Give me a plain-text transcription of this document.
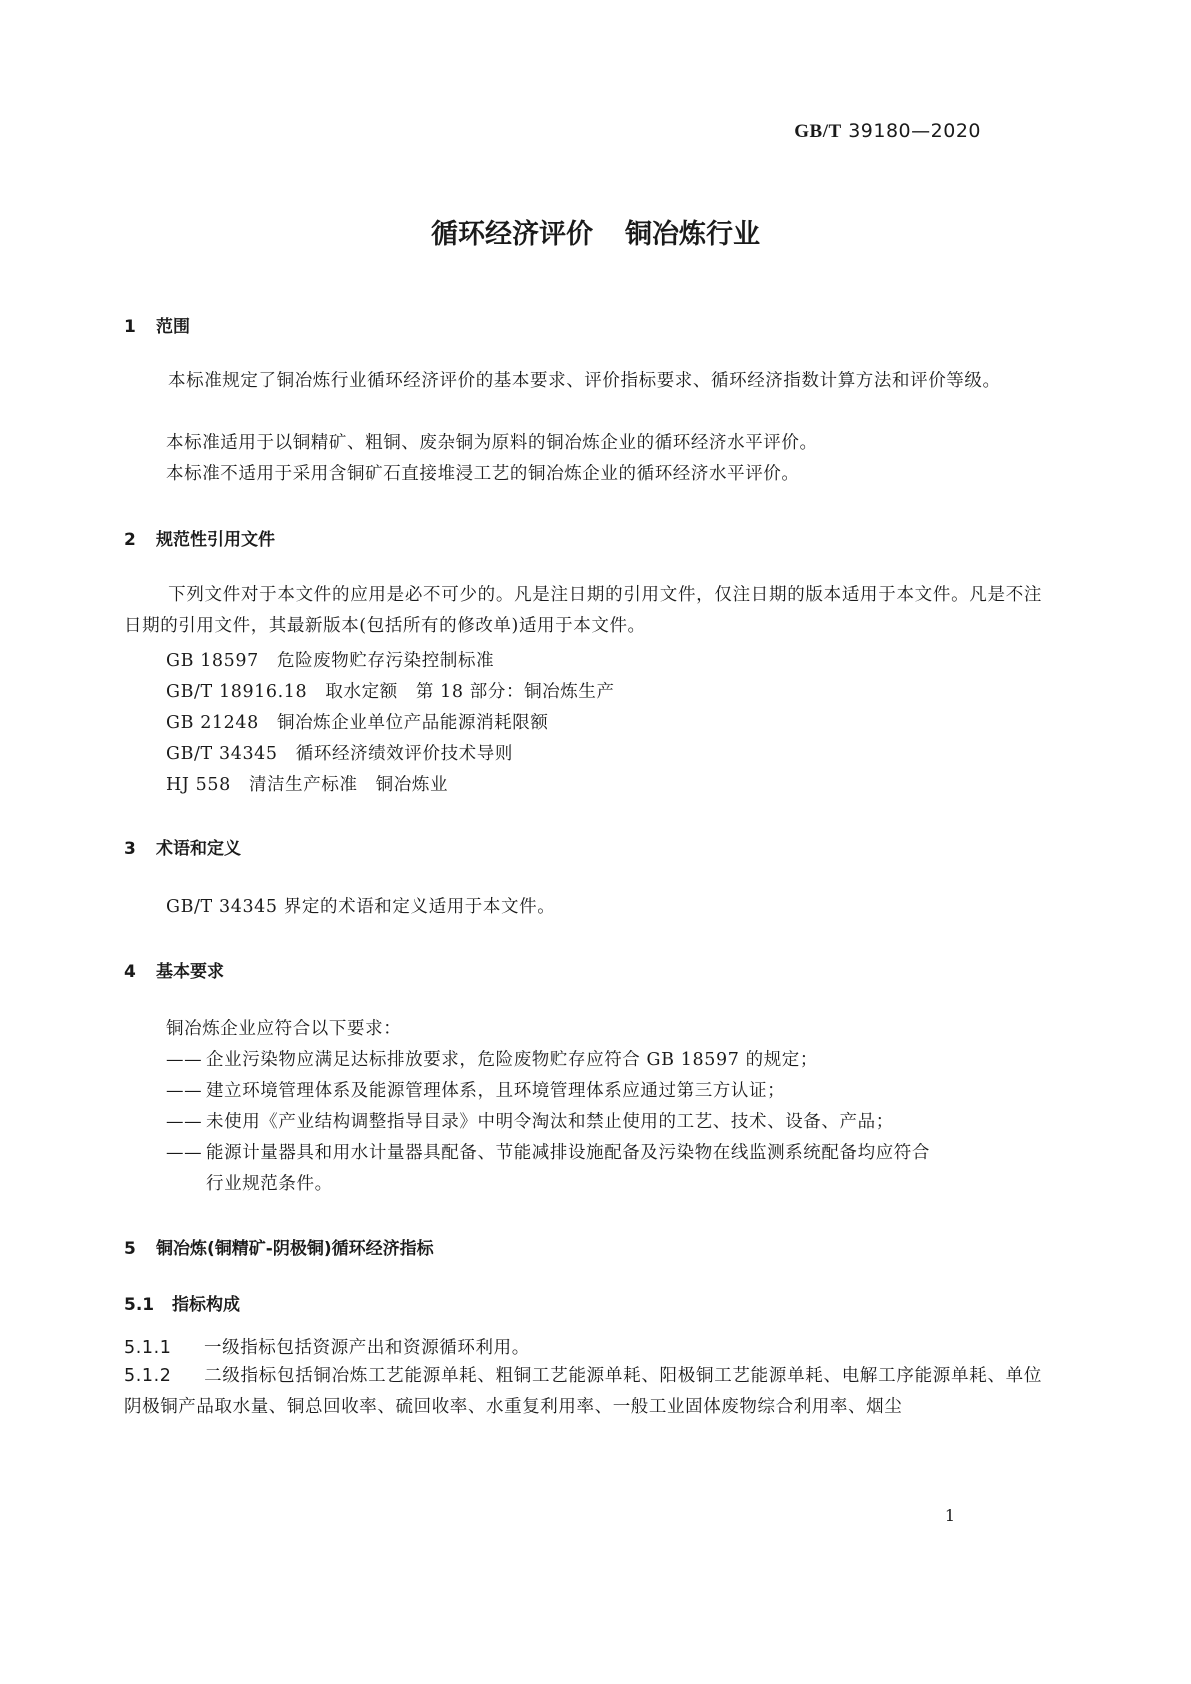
GB/T 39180—2020
循环经济评价 铜冶炼行业
1 范围
本标准规定了铜冶炼行业循环经济评价的基本要求、评价指标要求、循环经济指数计算方法和评价等级。
本标准适用于以铜精矿、粗铜、废杂铜为原料的铜冶炼企业的循环经济水平评价。
本标准不适用于采用含铜矿石直接堆浸工艺的铜冶炼企业的循环经济水平评价。
2 规范性引用文件
下列文件对于本文件的应用是必不可少的。凡是注日期的引用文件，仅注日期的版本适用于本文件。凡是不注日期的引用文件，其最新版本(包括所有的修改单)适用于本文件。
GB 18597　 危险废物贮存污染控制标准
GB/T 18916.18　 取水定额　第 18 部分：铜冶炼生产
GB 21248　 铜冶炼企业单位产品能源消耗限额
GB/T 34345　 循环经济绩效评价技术导则
HJ 558　 清洁生产标准　铜冶炼业
3 术语和定义
GB/T 34345 界定的术语和定义适用于本文件。
4 基本要求
铜冶炼企业应符合以下要求：
—— 企业污染物应满足达标排放要求，危险废物贮存应符合 GB 18597 的规定；
—— 建立环境管理体系及能源管理体系，且环境管理体系应通过第三方认证；
—— 未使用《产业结构调整指导目录》中明令淘汰和禁止使用的工艺、技术、设备、产品；
—— 能源计量器具和用水计量器具配备、节能减排设施配备及污染物在线监测系统配备均应符合
行业规范条件。
5 铜冶炼(铜精矿-阴极铜)循环经济指标
5.1 指标构成
5.1.1 一级指标包括资源产出和资源循环利用。
5.1.2 二级指标包括铜冶炼工艺能源单耗、粗铜工艺能源单耗、阳极铜工艺能源单耗、电解工序能源单耗、单位阴极铜产品取水量、铜总回收率、硫回收率、水重复利用率、一般工业固体废物综合利用率、烟尘
1
